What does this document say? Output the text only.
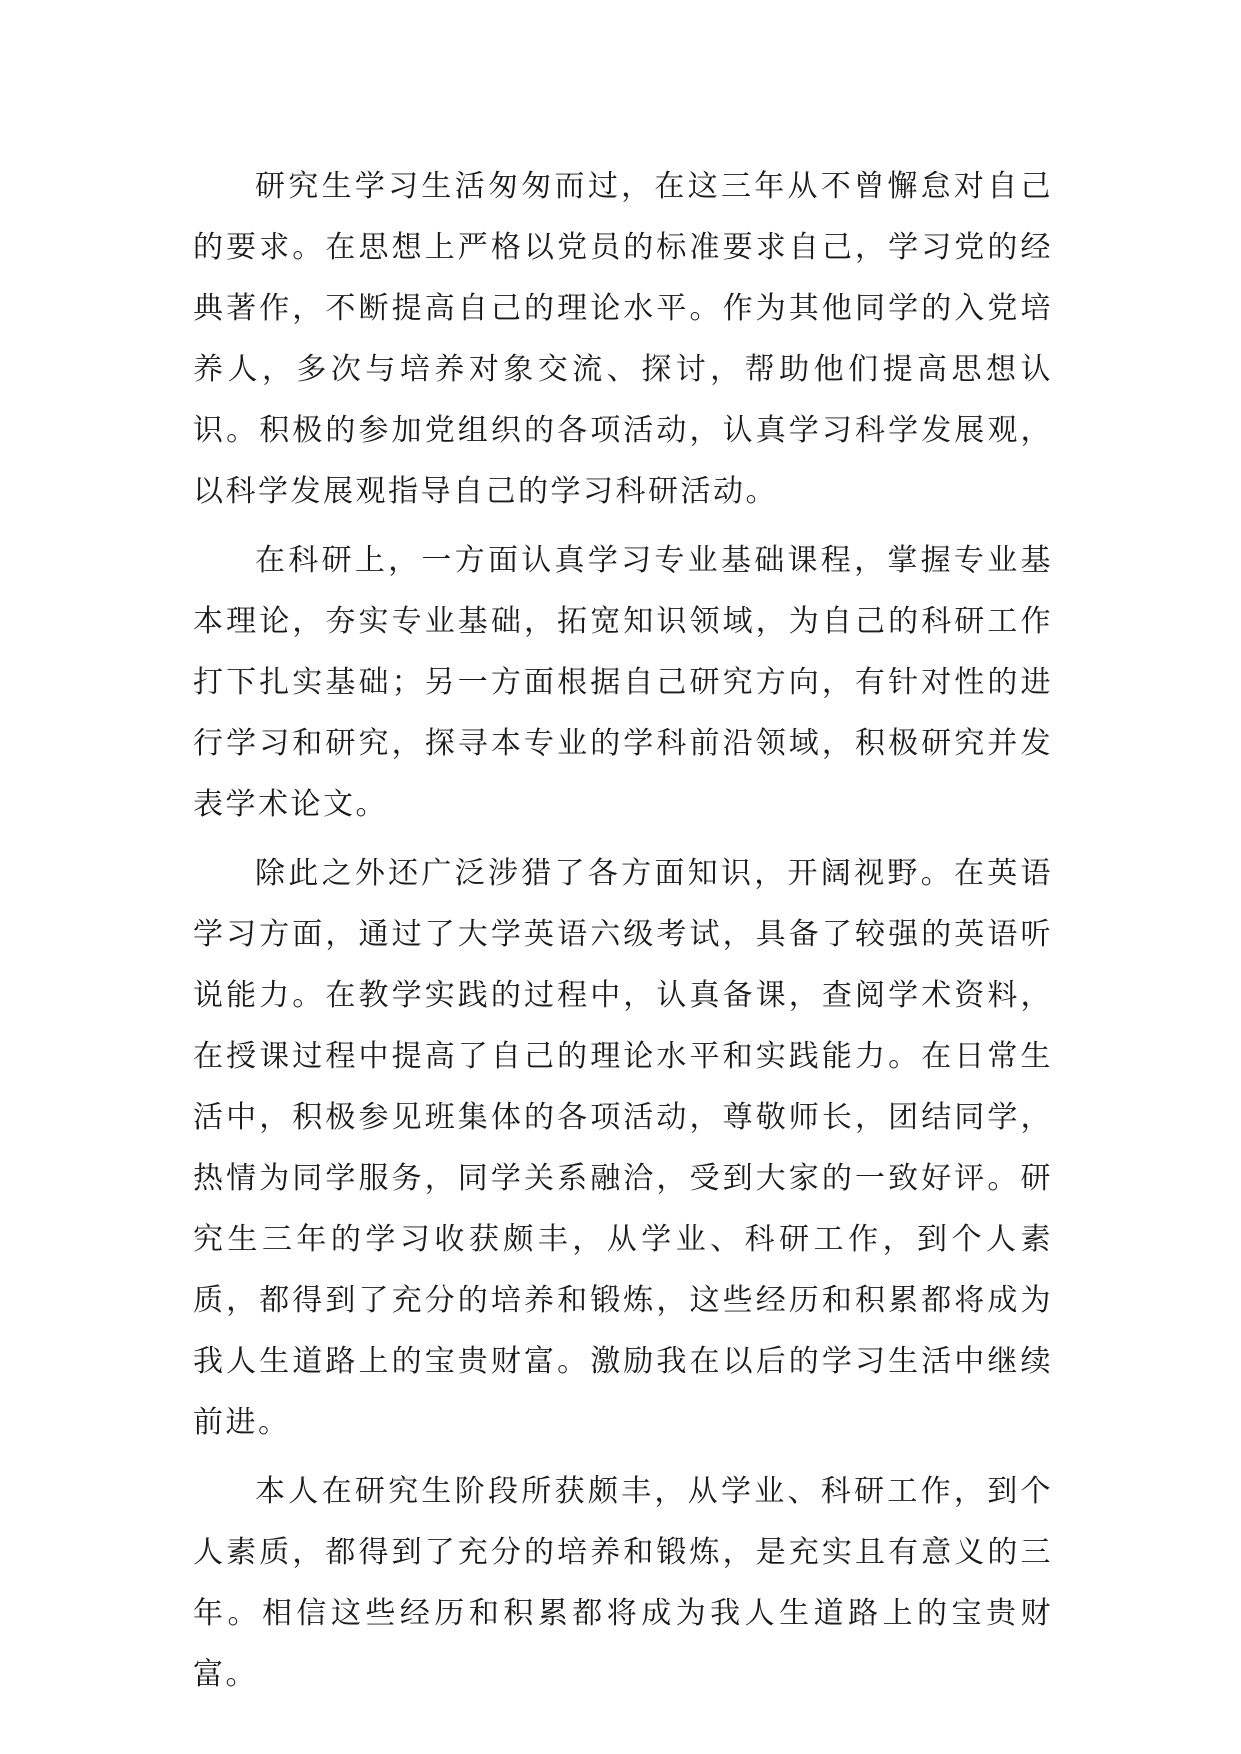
研究生学习生活匆匆而过，在这三年从不曾懈怠对自己的要求。在思想上严格以党员的标准要求自己，学习党的经典著作，不断提高自己的理论水平。作为其他同学的入党培养人，多次与培养对象交流、探讨，帮助他们提高思想认识。积极的参加党组织的各项活动，认真学习科学发展观，以科学发展观指导自己的学习科研活动。

在科研上，一方面认真学习专业基础课程，掌握专业基本理论，夯实专业基础，拓宽知识领域，为自己的科研工作打下扎实基础；另一方面根据自己研究方向，有针对性的进行学习和研究，探寻本专业的学科前沿领域，积极研究并发表学术论文。

除此之外还广泛涉猎了各方面知识，开阔视野。在英语学习方面，通过了大学英语六级考试，具备了较强的英语听说能力。在教学实践的过程中，认真备课，查阅学术资料，在授课过程中提高了自己的理论水平和实践能力。在日常生活中，积极参见班集体的各项活动，尊敬师长，团结同学，热情为同学服务，同学关系融洽，受到大家的一致好评。研究生三年的学习收获颇丰，从学业、科研工作，到个人素质，都得到了充分的培养和锻炼，这些经历和积累都将成为我人生道路上的宝贵财富。激励我在以后的学习生活中继续前进。

本人在研究生阶段所获颇丰，从学业、科研工作，到个人素质，都得到了充分的培养和锻炼，是充实且有意义的三年。相信这些经历和积累都将成为我人生道路上的宝贵财富。
